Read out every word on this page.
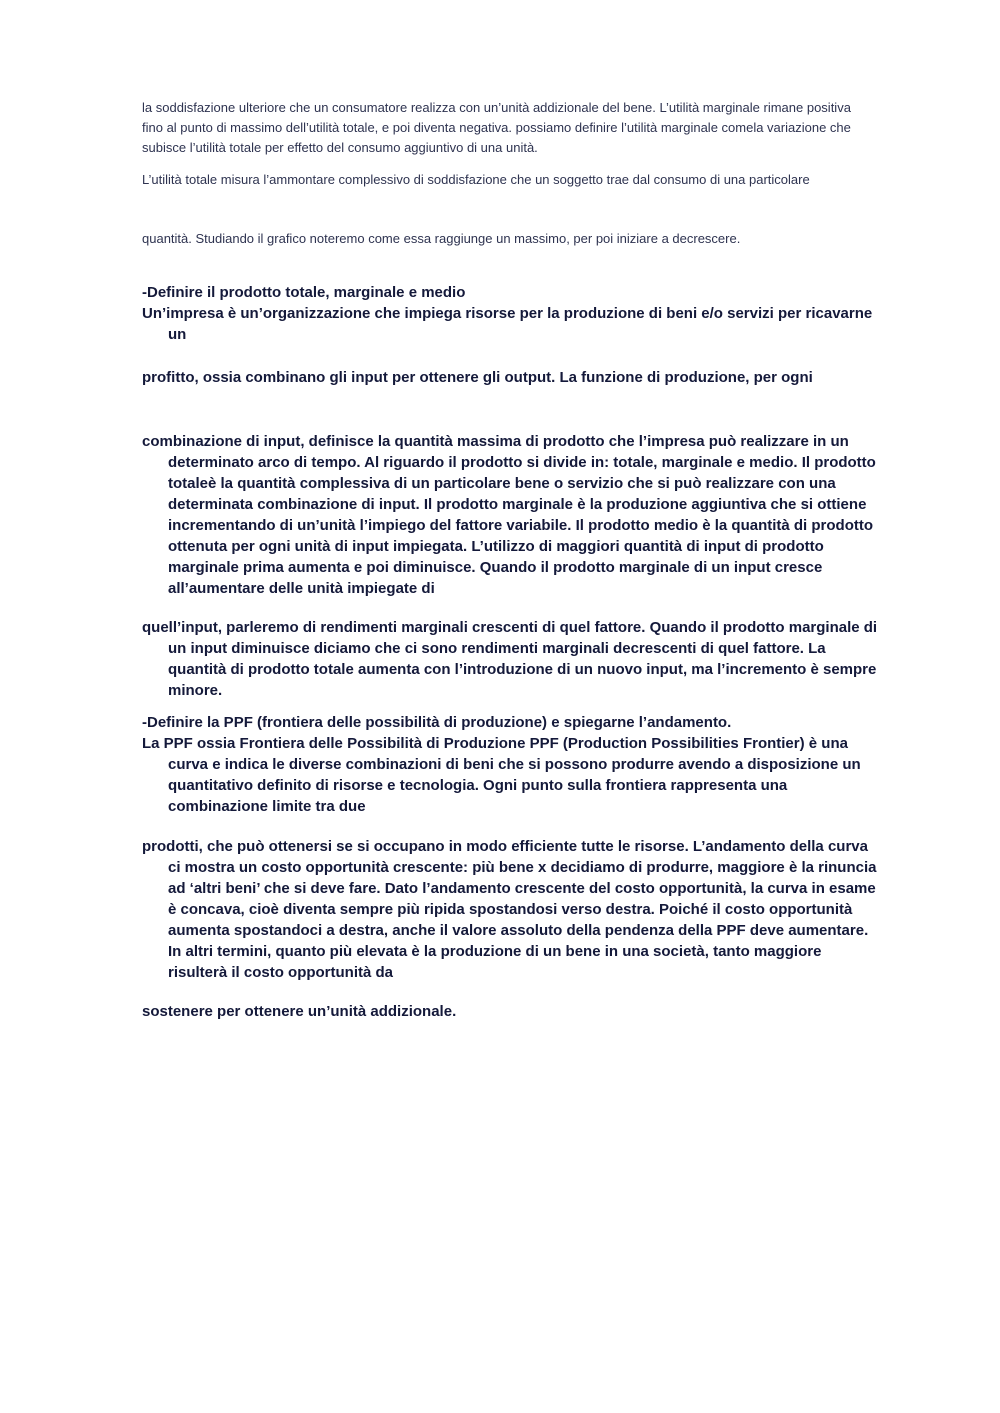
la soddisfazione ulteriore che un consumatore realizza con un’unità addizionale del bene. L’utilità marginale rimane positiva fino al punto di massimo dell’utilità totale, e poi diventa negativa. possiamo definire l’utilità marginale comela variazione che subisce l’utilità totale per effetto del consumo aggiuntivo di una unità.

L’utilità totale misura l’ammontare complessivo di soddisfazione che un soggetto trae dal consumo di una particolare

quantità. Studiando il grafico noteremo come essa raggiunge un massimo, per poi iniziare a decrescere.

-Definire il prodotto totale, marginale e medio

Un’impresa è un’organizzazione che impiega risorse per la produzione di beni e/o servizi per ricavarne un

profitto, ossia combinano gli input per ottenere gli output. La funzione di produzione, per ogni

combinazione di input, definisce la quantità massima di prodotto che l’impresa può realizzare in un determinato arco di tempo. Al riguardo il prodotto si divide in: totale, marginale e medio. Il prodotto totaleè la quantità complessiva di un particolare bene o servizio che si può realizzare con una determinata combinazione di input. Il prodotto marginale è la produzione aggiuntiva che si ottiene incrementando di un’unità l’impiego del fattore variabile. Il prodotto medio è la quantità di prodotto ottenuta per ogni unità di input impiegata. L’utilizzo di maggiori quantità di input di prodotto marginale prima aumenta e poi diminuisce. Quando il prodotto marginale di un input cresce all’aumentare delle unità impiegate di

quell’input, parleremo di rendimenti marginali crescenti di quel fattore. Quando il prodotto marginale di un input diminuisce diciamo che ci sono rendimenti marginali decrescenti di quel fattore. La quantità di prodotto totale aumenta con l’introduzione di un nuovo input, ma l’incremento è sempre minore.

-Definire la PPF (frontiera delle possibilità di produzione) e spiegarne l’andamento.

La PPF ossia Frontiera delle Possibilità di Produzione PPF (Production Possibilities Frontier) è una curva e indica le diverse combinazioni di beni che si possono produrre avendo a disposizione un quantitativo definito di risorse e tecnologia. Ogni punto sulla frontiera rappresenta una combinazione limite tra due

prodotti, che può ottenersi se si occupano in modo efficiente tutte le risorse. L’andamento della curva ci mostra un costo opportunità crescente: più bene x decidiamo di produrre, maggiore è la rinuncia ad ‘altri beni’ che si deve fare. Dato l’andamento crescente del costo opportunità, la curva in esame è concava, cioè diventa sempre più ripida spostandosi verso destra. Poiché il costo opportunità aumenta spostandoci a destra, anche il valore assoluto della pendenza della PPF deve aumentare. In altri termini, quanto più elevata è la produzione di un bene in una società, tanto maggiore risulterà il costo opportunità da

sostenere per ottenere un’unità addizionale.
